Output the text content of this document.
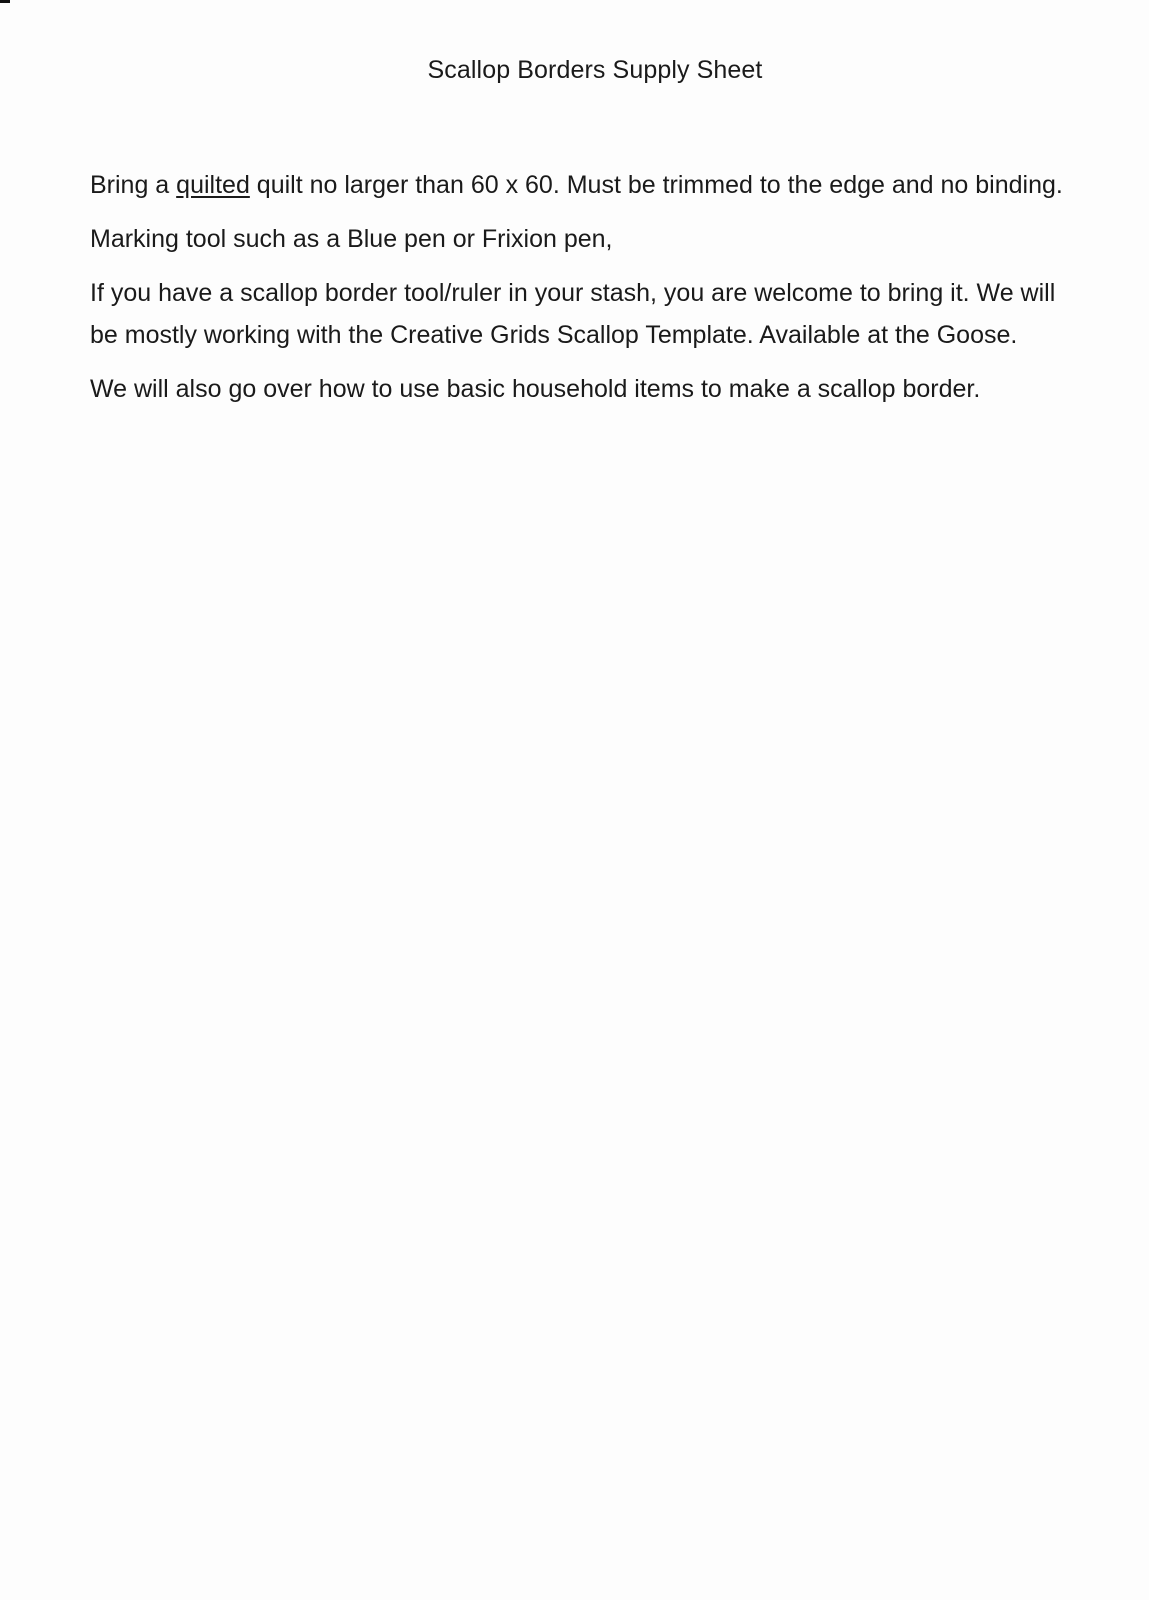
Scallop Borders Supply Sheet

Bring a quilted quilt no larger than 60 x 60. Must be trimmed to the edge and no binding.

Marking tool such as a Blue pen or Frixion pen,

If you have a scallop border tool/ruler in your stash, you are welcome to bring it. We will be mostly working with the Creative Grids Scallop Template. Available at the Goose.

We will also go over how to use basic household items to make a scallop border.
